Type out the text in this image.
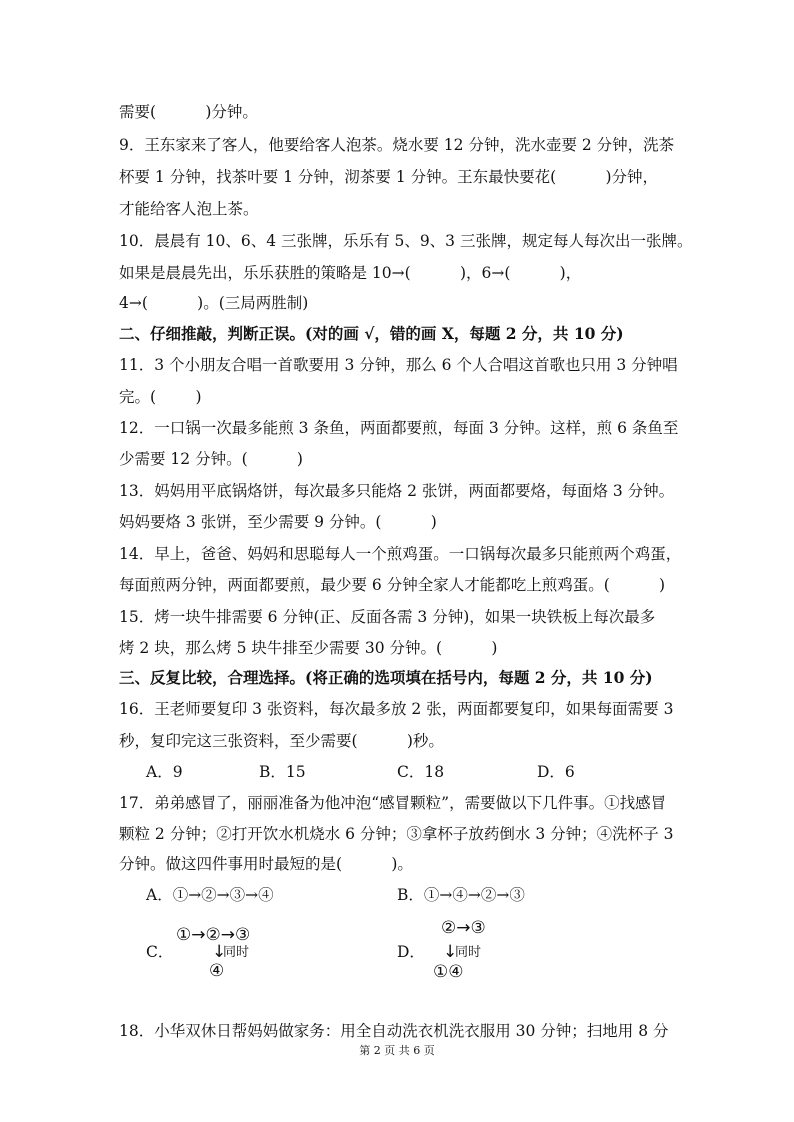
需要(          )分钟。
9．王东家来了客人，他要给客人泡茶。烧水要 12 分钟，洗水壶要 2 分钟，洗茶
杯要 1 分钟，找茶叶要 1 分钟，沏茶要 1 分钟。王东最快要花(          )分钟，
才能给客人泡上茶。
10．晨晨有 10、6、4 三张牌，乐乐有 5、9、3 三张牌，规定每人每次出一张牌。
如果是晨晨先出，乐乐获胜的策略是 10→(          )，6→(          )，
4→(          )。(三局两胜制)
二、仔细推敲，判断正误。(对的画 √，错的画 X，每题 2 分，共 10 分)
11．3 个小朋友合唱一首歌要用 3 分钟，那么 6 个人合唱这首歌也只用 3 分钟唱
完。(        )
12．一口锅一次最多能煎 3 条鱼，两面都要煎，每面 3 分钟。这样，煎 6 条鱼至
少需要 12 分钟。(          )
13．妈妈用平底锅烙饼，每次最多只能烙 2 张饼，两面都要烙，每面烙 3 分钟。
妈妈要烙 3 张饼，至少需要 9 分钟。(          )
14．早上，爸爸、妈妈和思聪每人一个煎鸡蛋。一口锅每次最多只能煎两个鸡蛋，
每面煎两分钟，两面都要煎，最少要 6 分钟全家人才能都吃上煎鸡蛋。(          )
15．烤一块牛排需要 6 分钟(正、反面各需 3 分钟)，如果一块铁板上每次最多
烤 2 块，那么烤 5 块牛排至少需要 30 分钟。(          )
三、反复比较，合理选择。(将正确的选项填在括号内，每题 2 分，共 10 分)
16．王老师要复印 3 张资料，每次最多放 2 张，两面都要复印，如果每面需要 3
秒，复印完这三张资料，至少需要(          )秒。
A．9	B．15	C．18	D．6
17．弟弟感冒了，丽丽准备为他冲泡“感冒颗粒”，需要做以下几件事。①找感冒
颗粒 2 分钟；②打开饮水机烧水 6 分钟；③拿杯子放药倒水 3 分钟；④洗杯子 3
分钟。做这四件事用时最短的是(          )。
A．①→②→③→④	B．①→④→②→③
C．
①→②→③
↓
同时
④
D．
②→③
↓
同时
①④
18．小华双休日帮妈妈做家务：用全自动洗衣机洗衣服用 30 分钟；扫地用 8 分
第 2 页 共 6 页
